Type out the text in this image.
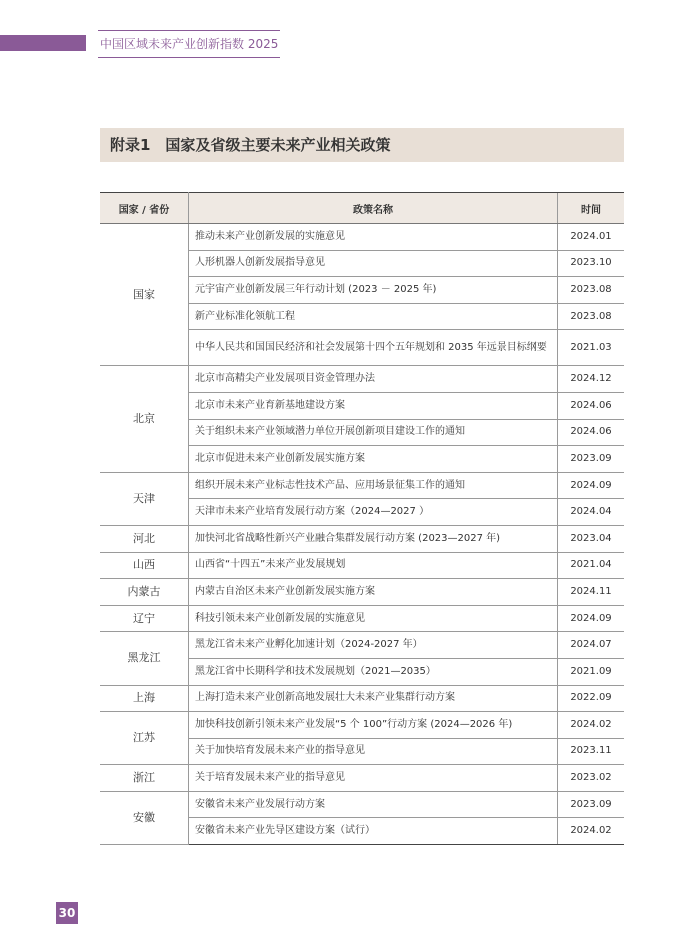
中国区域未来产业创新指数 2025
附录1　国家及省级主要未来产业相关政策
国家 / 省份	政策名称	时间
国家	推动未来产业创新发展的实施意见	2024.01
	人形机器人创新发展指导意见	2023.10
	元宇宙产业创新发展三年行动计划 (2023 － 2025 年)	2023.08
	新产业标准化领航工程	2023.08
	中华人民共和国国民经济和社会发展第十四个五年规划和 2035 年远景目标纲要	2021.03
北京	北京市高精尖产业发展项目资金管理办法	2024.12
	北京市未来产业育新基地建设方案	2024.06
	关于组织未来产业领域潜力单位开展创新项目建设工作的通知	2024.06
	北京市促进未来产业创新发展实施方案	2023.09
天津	组织开展未来产业标志性技术产品、应用场景征集工作的通知	2024.09
	天津市未来产业培育发展行动方案（2024—2027 ）	2024.04
河北	加快河北省战略性新兴产业融合集群发展行动方案 (2023—2027 年)	2023.04
山西	山西省“十四五”未来产业发展规划	2021.04
内蒙古	内蒙古自治区未来产业创新发展实施方案	2024.11
辽宁	科技引领未来产业创新发展的实施意见	2024.09
黑龙江	黑龙江省未来产业孵化加速计划（2024-2027 年）	2024.07
	黑龙江省中长期科学和技术发展规划（2021—2035）	2021.09
上海	上海打造未来产业创新高地发展壮大未来产业集群行动方案	2022.09
江苏	加快科技创新引领未来产业发展“5 个 100”行动方案 (2024—2026 年)	2024.02
	关于加快培育发展未来产业的指导意见	2023.11
浙江	关于培育发展未来产业的指导意见	2023.02
安徽	安徽省未来产业发展行动方案	2023.09
	安徽省未来产业先导区建设方案（试行）	2024.02
30
